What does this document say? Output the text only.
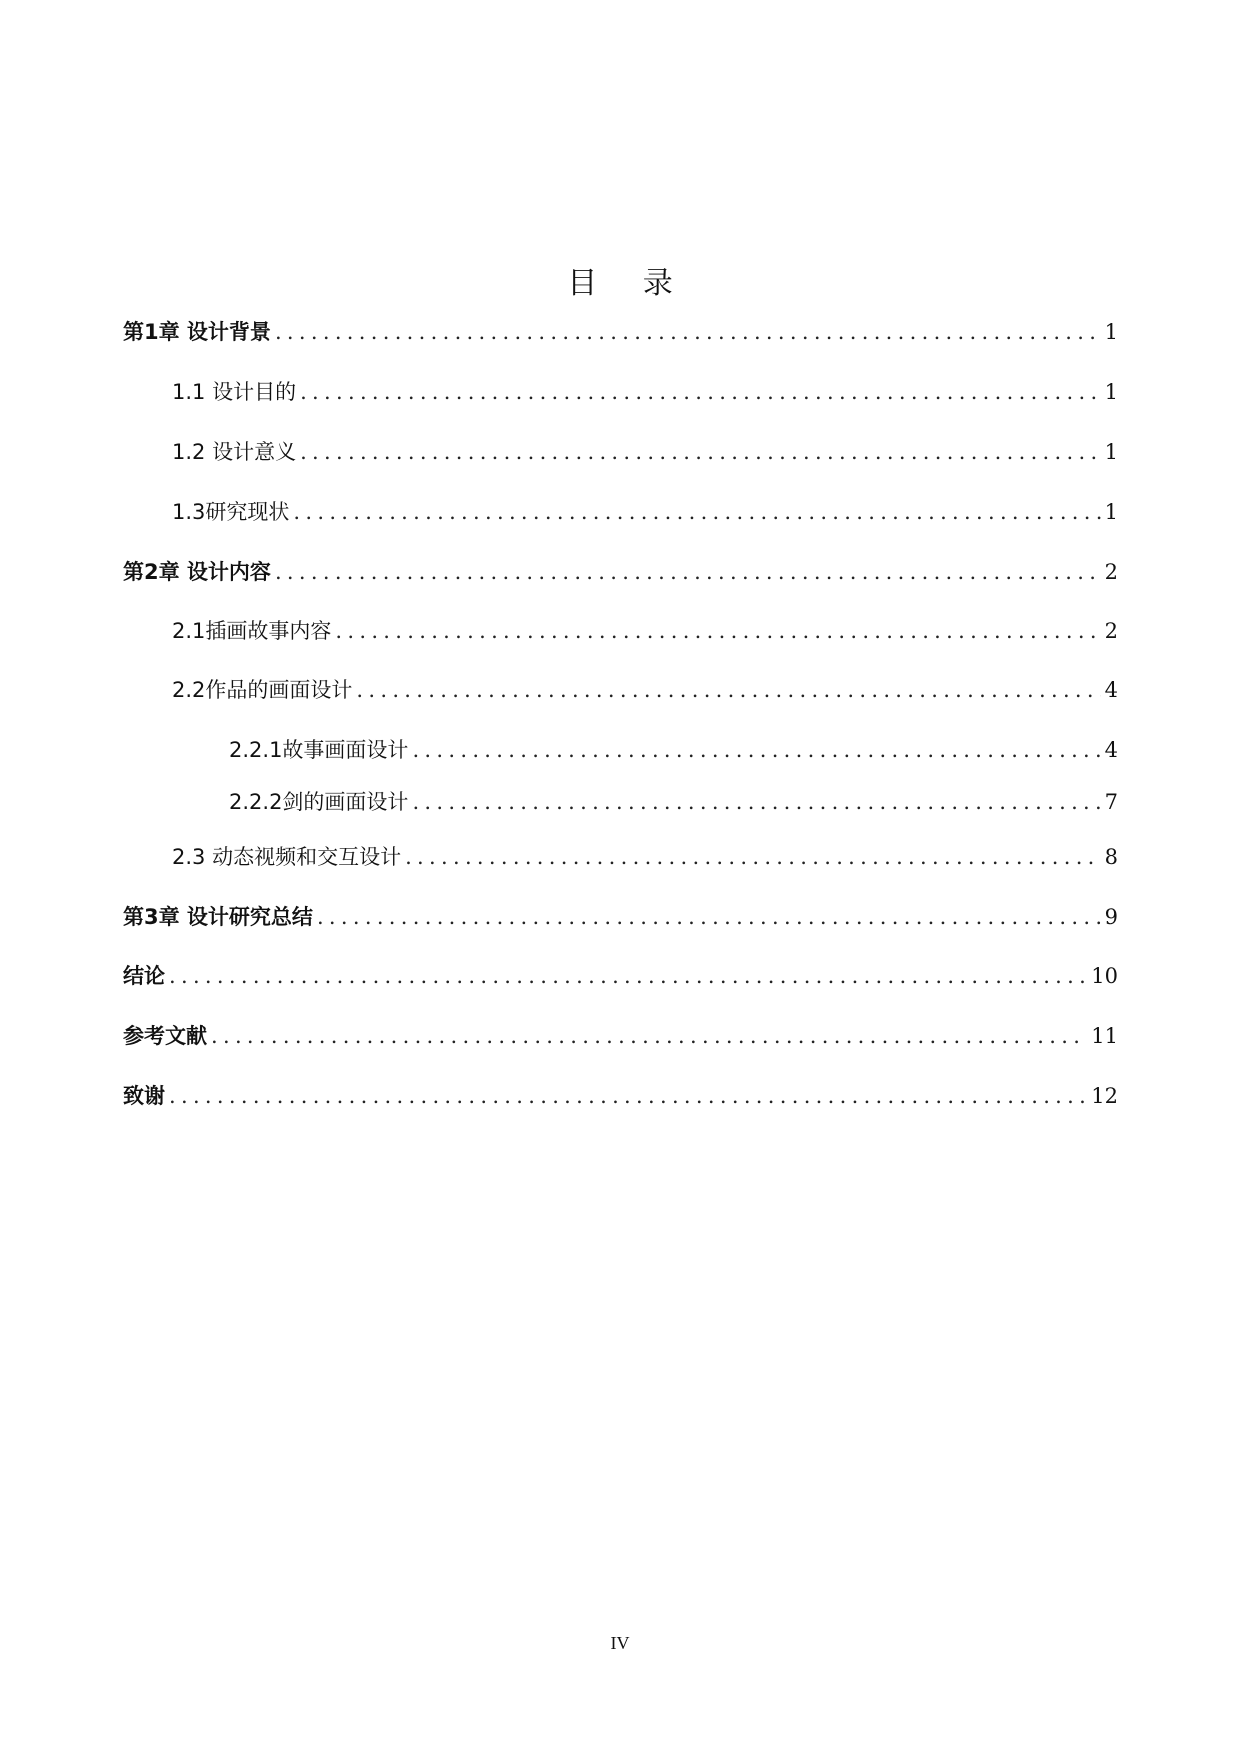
目 录
第1章 设计背景 .....	1
1.1 设计目的 .....	1
1.2 设计意义 .....	1
1.3研究现状 .....	1
第2章 设计内容 .....	2
2.1插画故事内容 .....	2
2.2作品的画面设计 .....	4
2.2.1故事画面设计 .....	4
2.2.2剑的画面设计 .....	7
2.3 动态视频和交互设计 .....	8
第3章 设计研究总结 .....	9
结论 .....	10
参考文献 .....	11
致谢 .....	12
IV
